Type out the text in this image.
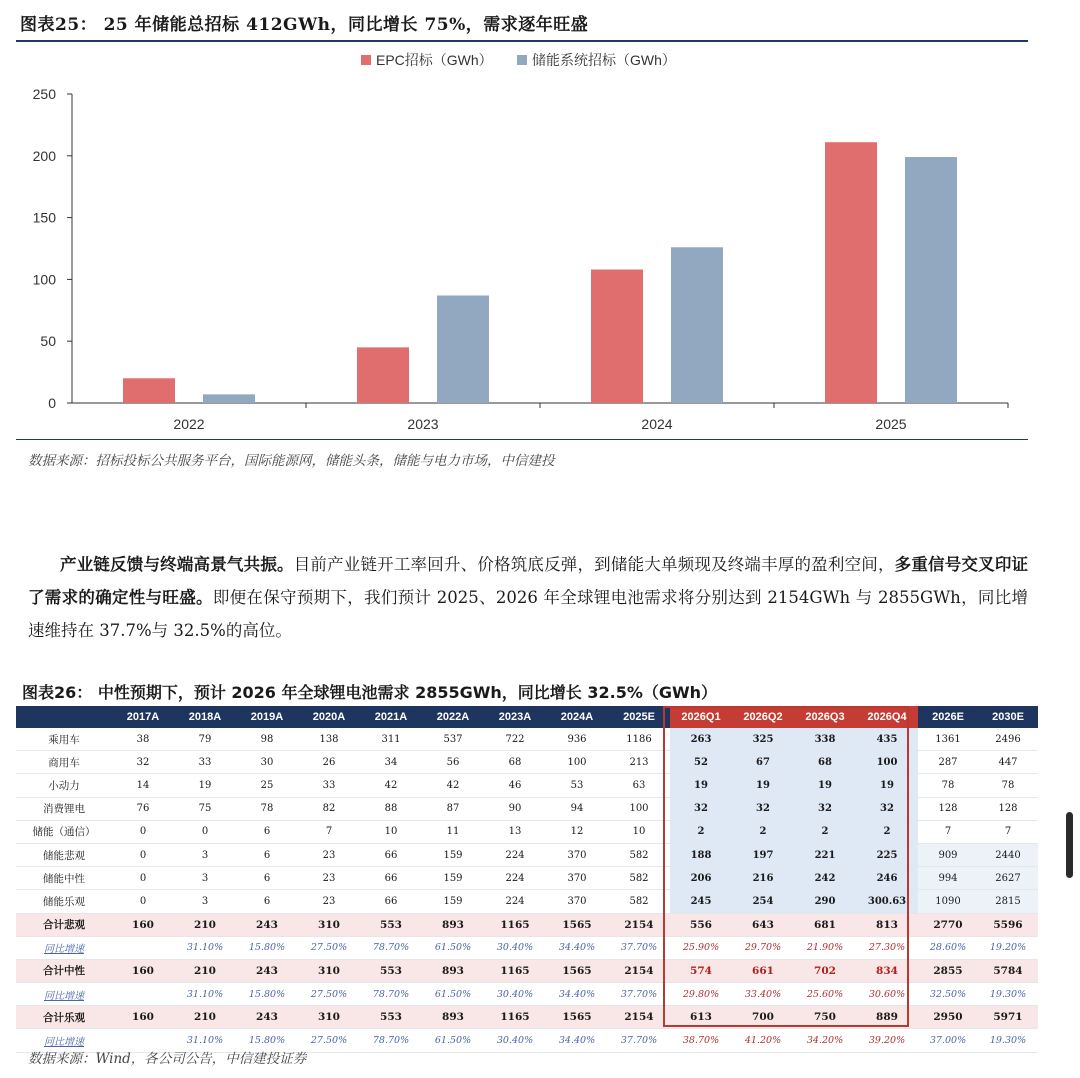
图表25： 25 年储能总招标 412GWh，同比增长 75%，需求逐年旺盛
0
50
100
150
200
250
2022	2023	2024	2025
EPC招标（GWh）	储能系统招标（GWh）
数据来源：招标投标公共服务平台，国际能源网，储能头条，储能与电力市场，中信建投
产业链反馈与终端高景气共振。目前产业链开工率回升、价格筑底反弹，到储能大单频现及终端丰厚的盈利空间，多重信号交叉印证了需求的确定性与旺盛。即便在保守预期下，我们预计 2025、2026 年全球锂电池需求将分别达到 2154GWh 与 2855GWh，同比增速维持在 37.7%与 32.5%的高位。
图表26： 中性预期下，预计 2026 年全球锂电池需求 2855GWh，同比增长 32.5%（GWh）
	2017A	2018A	2019A	2020A	2021A	2022A	2023A	2024A	2025E	2026Q1	2026Q2	2026Q3	2026Q4	2026E	2030E
乘用车	38	79	98	138	311	537	722	936	1186	263	325	338	435	1361	2496
商用车	32	33	30	26	34	56	68	100	213	52	67	68	100	287	447
小动力	14	19	25	33	42	42	46	53	63	19	19	19	19	78	78
消费锂电	76	75	78	82	88	87	90	94	100	32	32	32	32	128	128
储能（通信）	0	0	6	7	10	11	13	12	10	2	2	2	2	7	7
储能悲观	0	3	6	23	66	159	224	370	582	188	197	221	225	909	2440
储能中性	0	3	6	23	66	159	224	370	582	206	216	242	246	994	2627
储能乐观	0	3	6	23	66	159	224	370	582	245	254	290	300.63	1090	2815
合计悲观	160	210	243	310	553	893	1165	1565	2154	556	643	681	813	2770	5596
同比增速		31.10%	15.80%	27.50%	78.70%	61.50%	30.40%	34.40%	37.70%	25.90%	29.70%	21.90%	27.30%	28.60%	19.20%
合计中性	160	210	243	310	553	893	1165	1565	2154	574	661	702	834	2855	5784
同比增速		31.10%	15.80%	27.50%	78.70%	61.50%	30.40%	34.40%	37.70%	29.80%	33.40%	25.60%	30.60%	32.50%	19.30%
合计乐观	160	210	243	310	553	893	1165	1565	2154	613	700	750	889	2950	5971
同比增速		31.10%	15.80%	27.50%	78.70%	61.50%	30.40%	34.40%	37.70%	38.70%	41.20%	34.20%	39.20%	37.00%	19.30%
数据来源：Wind，各公司公告，中信建投证券
